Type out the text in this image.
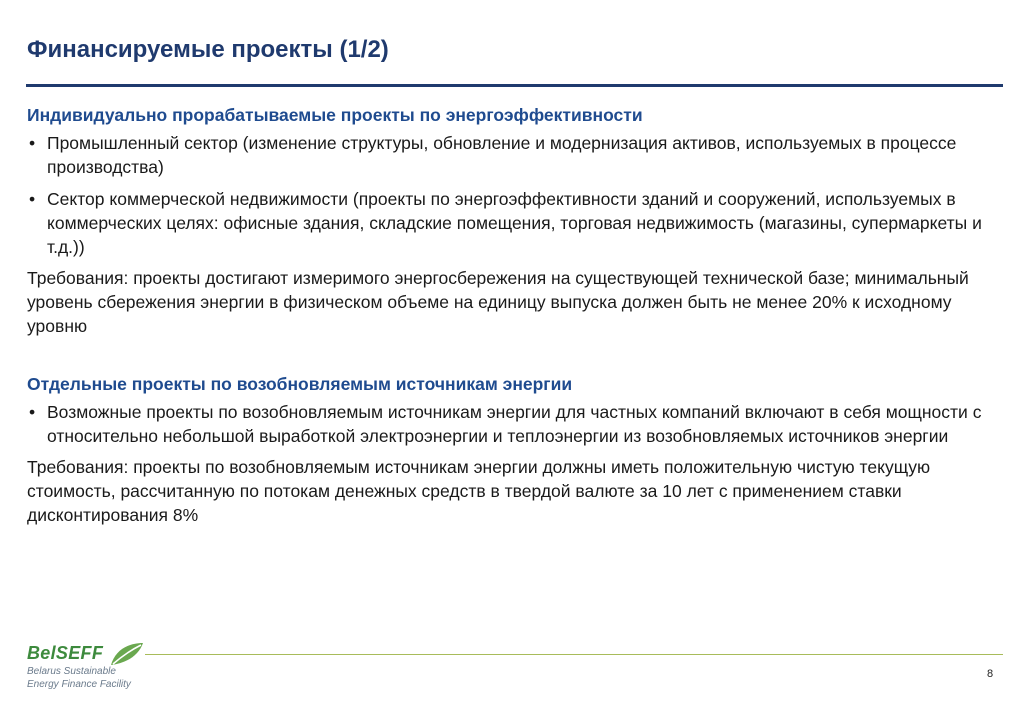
Финансируемые проекты (1/2)
Индивидуально прорабатываемые проекты по энергоэффективности
• Промышленный сектор (изменение структуры, обновление и модернизация активов, используемых в процессе производства)
• Сектор коммерческой недвижимости (проекты по энергоэффективности зданий и сооружений, используемых в коммерческих целях: офисные здания, складские помещения, торговая недвижимость (магазины, супермаркеты и т.д.))
Требования: проекты достигают измеримого энергосбережения на существующей технической базе; минимальный уровень сбережения энергии в физическом объеме на единицу выпуска должен быть не менее 20% к исходному уровню
Отдельные проекты по возобновляемым источникам энергии
• Возможные проекты по возобновляемым источникам энергии для частных компаний включают в себя мощности с относительно небольшой выработкой электроэнергии и теплоэнергии из возобновляемых источников энергии
Требования: проекты по возобновляемым источникам энергии должны иметь положительную чистую текущую стоимость, рассчитанную по потокам денежных средств в твердой валюте за 10 лет с применением ставки дисконтирования 8%
BelSEFF
Belarus Sustainable
Energy Finance Facility
8
